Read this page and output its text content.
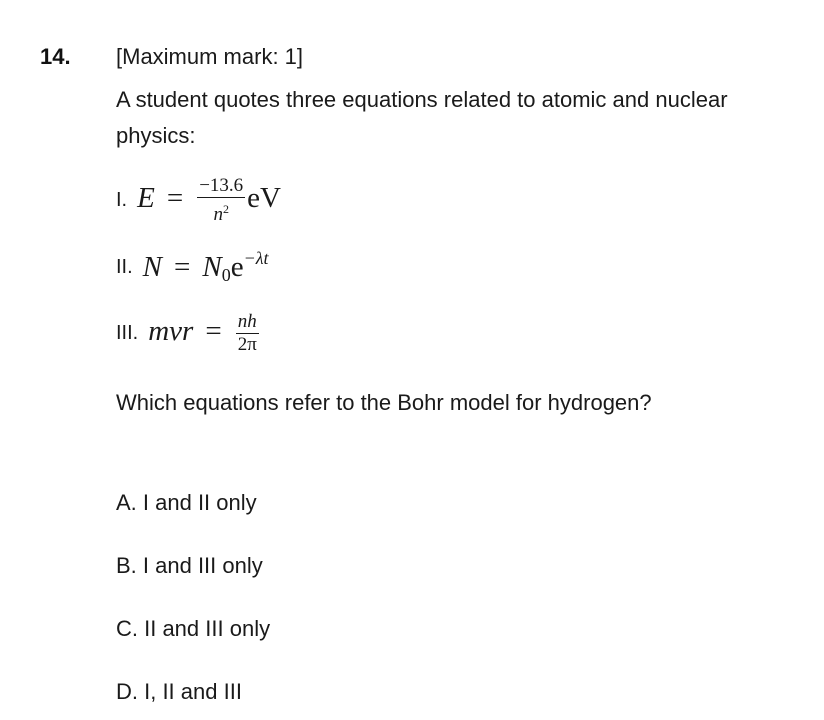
14. [Maximum mark: 1]
A student quotes three equations related to atomic and nuclear physics:
I. $E = \frac{-13.6}{n^2}$ eV
II. $N = N_0e^{-\lambda t}$
III. mvr = $\frac{nh}{2\pi}$
Which equations refer to the Bohr model for hydrogen?
A. I and II only
B. I and III only
C. II and III only
D. I, II and III
